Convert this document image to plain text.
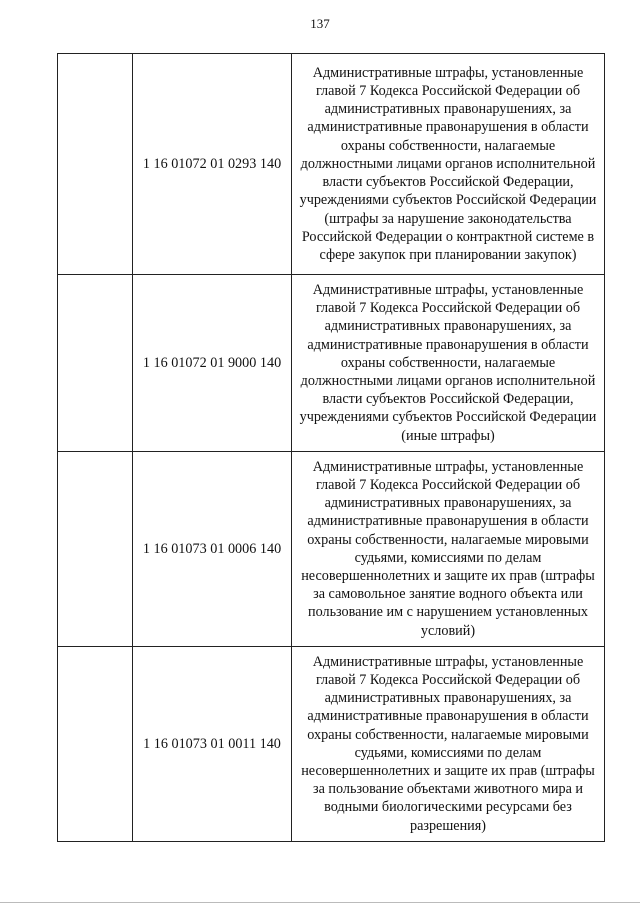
137
	1 16 01072 01 0293 140	Административные штрафы, установленные главой 7 Кодекса Российской Федерации об административных правонарушениях, за административные правонарушения в области охраны собственности, налагаемые должностными лицами органов исполнительной власти субъектов Российской Федерации, учреждениями субъектов Российской Федерации (штрафы за нарушение законодательства Российской Федерации о контрактной системе в сфере закупок при планировании закупок)
	1 16 01072 01 9000 140	Административные штрафы, установленные главой 7 Кодекса Российской Федерации об административных правонарушениях, за административные правонарушения в области охраны собственности, налагаемые должностными лицами органов исполнительной власти субъектов Российской Федерации, учреждениями субъектов Российской Федерации (иные штрафы)
	1 16 01073 01 0006 140	Административные штрафы, установленные главой 7 Кодекса Российской Федерации об административных правонарушениях, за административные правонарушения в области охраны собственности, налагаемые мировыми судьями, комиссиями по делам несовершеннолетних и защите их прав (штрафы за самовольное занятие водного объекта или пользование им с нарушением установленных условий)
	1 16 01073 01 0011 140	Административные штрафы, установленные главой 7 Кодекса Российской Федерации об административных правонарушениях, за административные правонарушения в области охраны собственности, налагаемые мировыми судьями, комиссиями по делам несовершеннолетних и защите их прав (штрафы за пользование объектами животного мира и водными биологическими ресурсами без разрешения)
